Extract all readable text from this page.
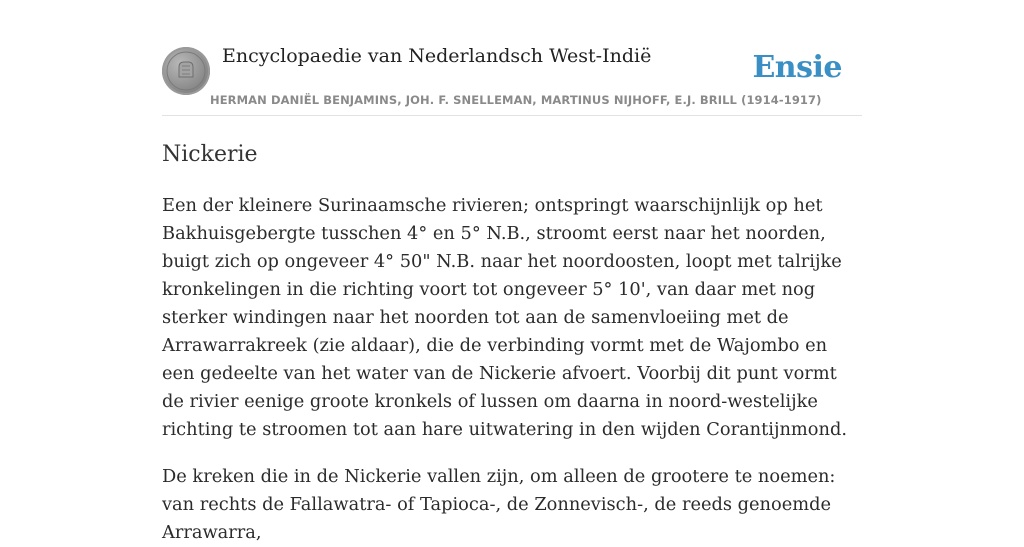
Encyclopaedie van Nederlandsch West-Indië	Ensie
HERMAN DANIËL BENJAMINS, JOH. F. SNELLEMAN, MARTINUS NIJHOFF, E.J. BRILL (1914-1917)
Nickerie

Een der kleinere Surinaamsche rivieren; ontspringt waarschijnlijk op het Bakhuisgebergte tusschen 4° en 5° N.B., stroomt eerst naar het noorden, buigt zich op ongeveer 4° 50" N.B. naar het noordoosten, loopt met talrijke kronkelingen in die richting voort tot ongeveer 5° 10', van daar met nog sterker windingen naar het noorden tot aan de samenvloeiing met de Arrawarrakreek (zie aldaar), die de verbinding vormt met de Wajombo en een gedeelte van het water van de Nickerie afvoert. Voorbij dit punt vormt de rivier eenige groote kronkels of lussen om daarna in noord-westelijke richting te stroomen tot aan hare uitwatering in den wijden Corantijnmond.

De kreken die in de Nickerie vallen zijn, om alleen de grootere te noemen: van rechts de Fallawatra- of Tapioca-, de Zonnevisch-, de reeds genoemde Arrawarra,
